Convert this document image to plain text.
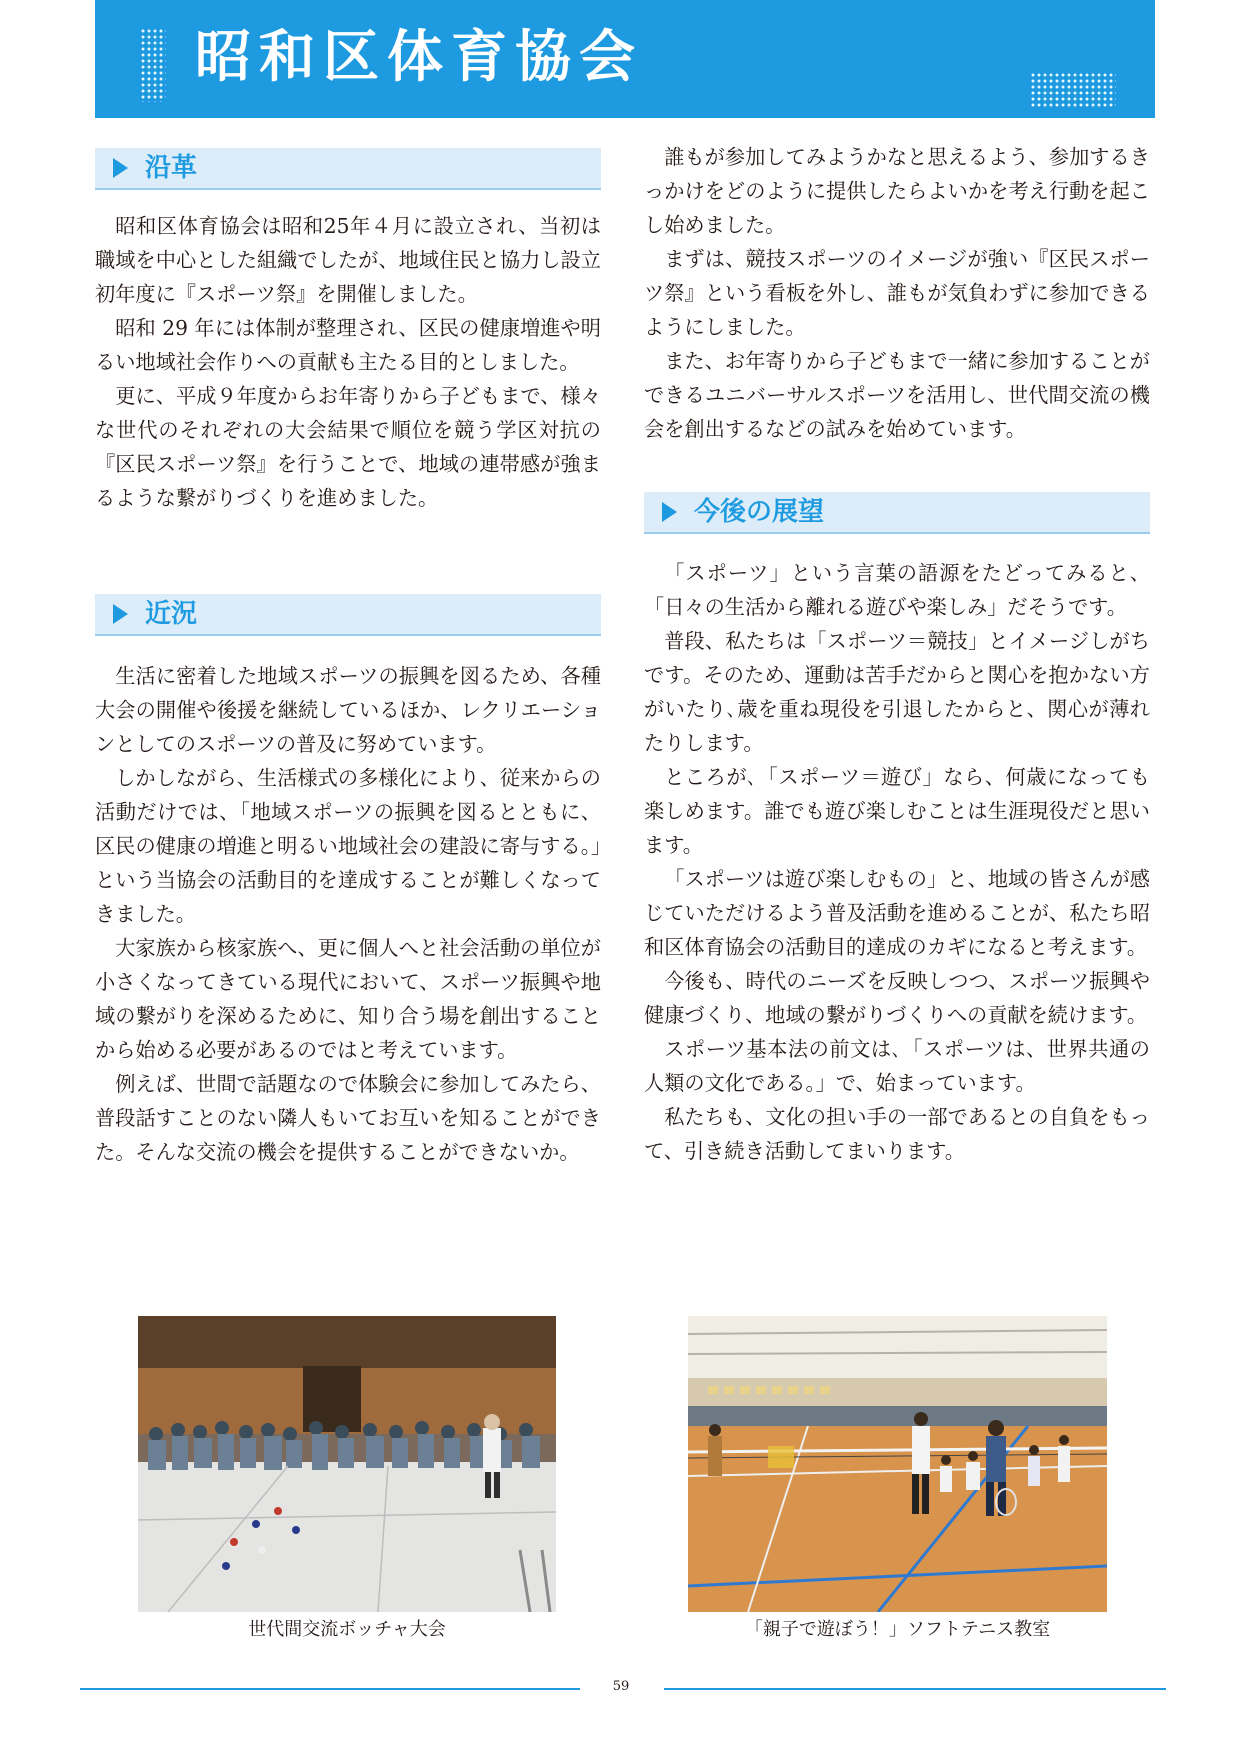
昭和区体育協会
沿革

昭和区体育協会は昭和25年４月に設立され、当初は職域を中心とした組織でしたが、地域住民と協力し設立初年度に『スポーツ祭』を開催しました。

昭和 29 年には体制が整理され、区民の健康増進や明るい地域社会作りへの貢献も主たる目的としました。

更に、平成９年度からお年寄りから子どもまで、様々な世代のそれぞれの大会結果で順位を競う学区対抗の『区民スポーツ祭』を行うことで、地域の連帯感が強まるような繋がりづくりを進めました。

近況

生活に密着した地域スポーツの振興を図るため、各種大会の開催や後援を継続しているほか、レクリエーションとしてのスポーツの普及に努めています。

しかしながら、生活様式の多様化により、従来からの活動だけでは、「地域スポーツの振興を図るとともに、区民の健康の増進と明るい地域社会の建設に寄与する。」という当協会の活動目的を達成することが難しくなってきました。

大家族から核家族へ、更に個人へと社会活動の単位が小さくなってきている現代において、スポーツ振興や地域の繋がりを深めるために、知り合う場を創出することから始める必要があるのではと考えています。

例えば、世間で話題なので体験会に参加してみたら、普段話すことのない隣人もいてお互いを知ることができた。そんな交流の機会を提供することができないか。

誰もが参加してみようかなと思えるよう、参加するきっかけをどのように提供したらよいかを考え行動を起こし始めました。

まずは、競技スポーツのイメージが強い『区民スポーツ祭』という看板を外し、誰もが気負わずに参加できるようにしました。

また、お年寄りから子どもまで一緒に参加することができるユニバーサルスポーツを活用し、世代間交流の機会を創出するなどの試みを始めています。

今後の展望

「スポーツ」という言葉の語源をたどってみると、「日々の生活から離れる遊びや楽しみ」だそうです。

普段、私たちは「スポーツ＝競技」とイメージしがちです。そのため、運動は苦手だからと関心を抱かない方がいたり､歳を重ね現役を引退したからと、関心が薄れたりします。

ところが､「スポーツ＝遊び」なら、何歳になっても楽しめます。誰でも遊び楽しむことは生涯現役だと思います。

「スポーツは遊び楽しむもの」と、地域の皆さんが感じていただけるよう普及活動を進めることが、私たち昭和区体育協会の活動目的達成のカギになると考えます。

今後も、時代のニーズを反映しつつ、スポーツ振興や健康づくり、地域の繋がりづくりへの貢献を続けます。

スポーツ基本法の前文は､「スポーツは、世界共通の人類の文化である。」で、始まっています。

私たちも、文化の担い手の一部であるとの自負をもって、引き続き活動してまいります。

世代間交流ボッチャ大会	「親子で遊ぼう！」ソフトテニス教室
59
